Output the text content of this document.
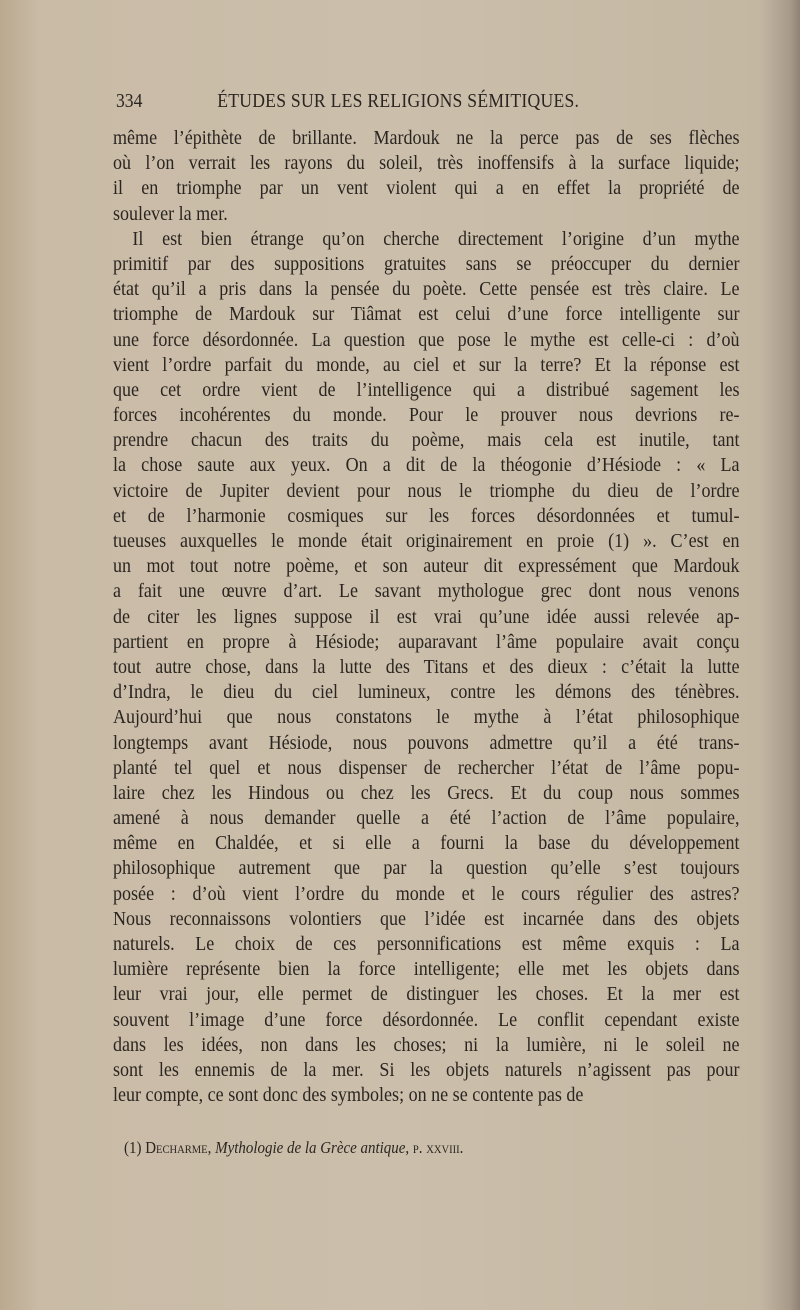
334	ÉTUDES SUR LES RELIGIONS SÉMITIQUES.
même l’épithète de brillante. Mardouk ne la perce pas de ses flèches
où l’on verrait les rayons du soleil, très inoffensifs à la surface liquide;
il en triomphe par un vent violent qui a en effet la propriété de
soulever la mer.
Il est bien étrange qu’on cherche directement l’origine d’un mythe
primitif par des suppositions gratuites sans se préoccuper du dernier
état qu’il a pris dans la pensée du poète. Cette pensée est très claire. Le
triomphe de Mardouk sur Tiâmat est celui d’une force intelligente sur
une force désordonnée. La question que pose le mythe est celle-ci : d’où
vient l’ordre parfait du monde, au ciel et sur la terre? Et la réponse est
que cet ordre vient de l’intelligence qui a distribué sagement les
forces incohérentes du monde. Pour le prouver nous devrions re-
prendre chacun des traits du poème, mais cela est inutile, tant
la chose saute aux yeux. On a dit de la théogonie d’Hésiode : « La
victoire de Jupiter devient pour nous le triomphe du dieu de l’ordre
et de l’harmonie cosmiques sur les forces désordonnées et tumul-
tueuses auxquelles le monde était originairement en proie (1) ». C’est en
un mot tout notre poème, et son auteur dit expressément que Mardouk
a fait une œuvre d’art. Le savant mythologue grec dont nous venons
de citer les lignes suppose il est vrai qu’une idée aussi relevée ap-
partient en propre à Hésiode; auparavant l’âme populaire avait conçu
tout autre chose, dans la lutte des Titans et des dieux : c’était la lutte
d’Indra, le dieu du ciel lumineux, contre les démons des ténèbres.
Aujourd’hui que nous constatons le mythe à l’état philosophique
longtemps avant Hésiode, nous pouvons admettre qu’il a été trans-
planté tel quel et nous dispenser de rechercher l’état de l’âme popu-
laire chez les Hindous ou chez les Grecs. Et du coup nous sommes
amené à nous demander quelle a été l’action de l’âme populaire,
même en Chaldée, et si elle a fourni la base du développement
philosophique autrement que par la question qu’elle s’est toujours
posée : d’où vient l’ordre du monde et le cours régulier des astres?
Nous reconnaissons volontiers que l’idée est incarnée dans des objets
naturels. Le choix de ces personnifications est même exquis : La
lumière représente bien la force intelligente; elle met les objets dans
leur vrai jour, elle permet de distinguer les choses. Et la mer est
souvent l’image d’une force désordonnée. Le conflit cependant existe
dans les idées, non dans les choses; ni la lumière, ni le soleil ne
sont les ennemis de la mer. Si les objets naturels n’agissent pas pour
leur compte, ce sont donc des symboles; on ne se contente pas de
(1) Decharme, Mythologie de la Grèce antique, p. xxviii.
